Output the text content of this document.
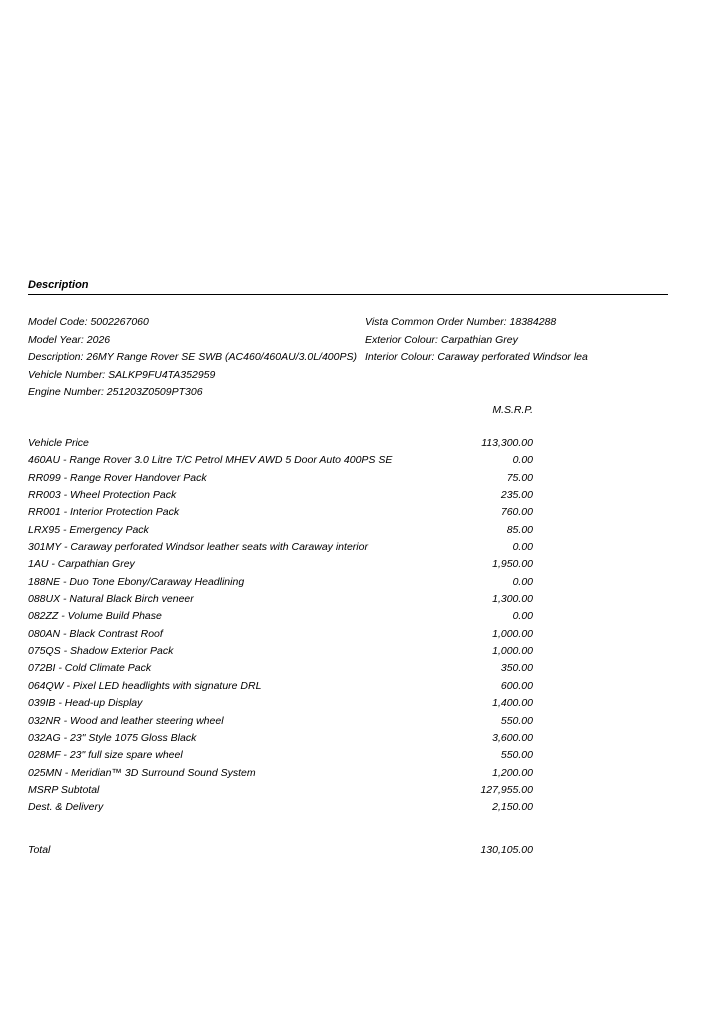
Description
Model Code: 5002267060
Model Year: 2026
Description: 26MY Range Rover SE SWB (AC460/460AU/3.0L/400PS)
Vehicle Number: SALKP9FU4TA352959
Engine Number: 251203Z0509PT306
Vista Common Order Number: 18384288
Exterior Colour: Carpathian Grey
Interior Colour: Caraway perforated Windsor lea
M.S.R.P.
Vehicle Price	113,300.00
460AU - Range Rover 3.0 Litre T/C Petrol MHEV AWD 5 Door Auto 400PS SE	0.00
RR099 - Range Rover Handover Pack	75.00
RR003 - Wheel Protection Pack	235.00
RR001 - Interior Protection Pack	760.00
LRX95 - Emergency Pack	85.00
301MY - Caraway perforated Windsor leather seats with Caraway interior	0.00
1AU - Carpathian Grey	1,950.00
188NE - Duo Tone Ebony/Caraway Headlining	0.00
088UX - Natural Black Birch veneer	1,300.00
082ZZ - Volume Build Phase	0.00
080AN - Black Contrast Roof	1,000.00
075QS - Shadow Exterior Pack	1,000.00
072BI - Cold Climate Pack	350.00
064QW - Pixel LED headlights with signature DRL	600.00
039IB - Head-up Display	1,400.00
032NR - Wood and leather steering wheel	550.00
032AG - 23" Style 1075 Gloss Black	3,600.00
028MF - 23" full size spare wheel	550.00
025MN - Meridian™ 3D Surround Sound System	1,200.00
MSRP Subtotal	127,955.00
Dest. & Delivery	2,150.00
Total	130,105.00
